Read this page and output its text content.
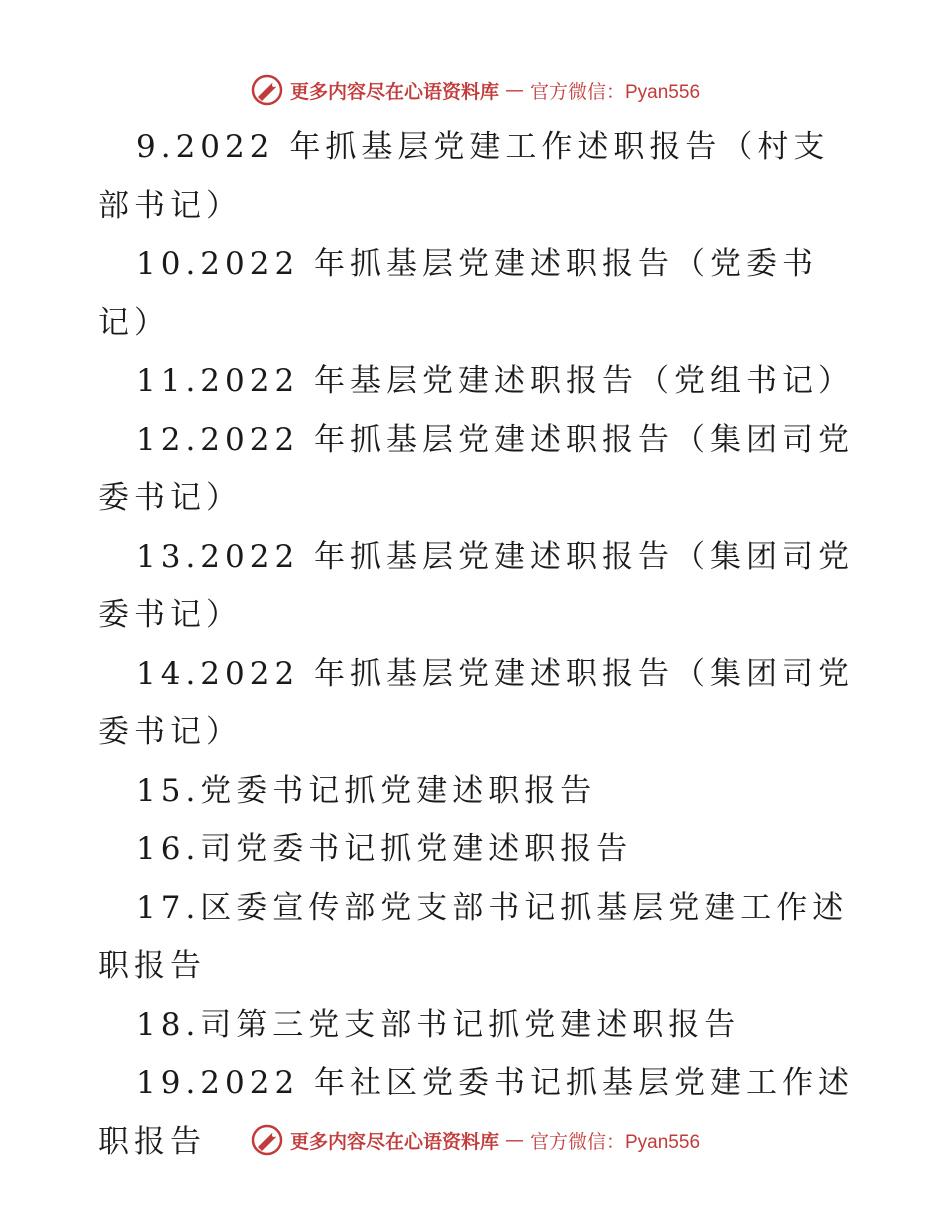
更多内容尽在心语资料库 — 官方微信：Pyan556

9.2022 年抓基层党建工作述职报告（村支部书记）

10.2022 年抓基层党建述职报告（党委书记）

11.2022 年基层党建述职报告（党组书记）

12.2022 年抓基层党建述职报告（集团司党委书记）

13.2022 年抓基层党建述职报告（集团司党委书记）

14.2022 年抓基层党建述职报告（集团司党委书记）

15.党委书记抓党建述职报告

16.司党委书记抓党建述职报告

17.区委宣传部党支部书记抓基层党建工作述职报告

18.司第三党支部书记抓党建述职报告

19.2022 年社区党委书记抓基层党建工作述职报告	更多内容尽在心语资料库 — 官方微信：Pyan556
